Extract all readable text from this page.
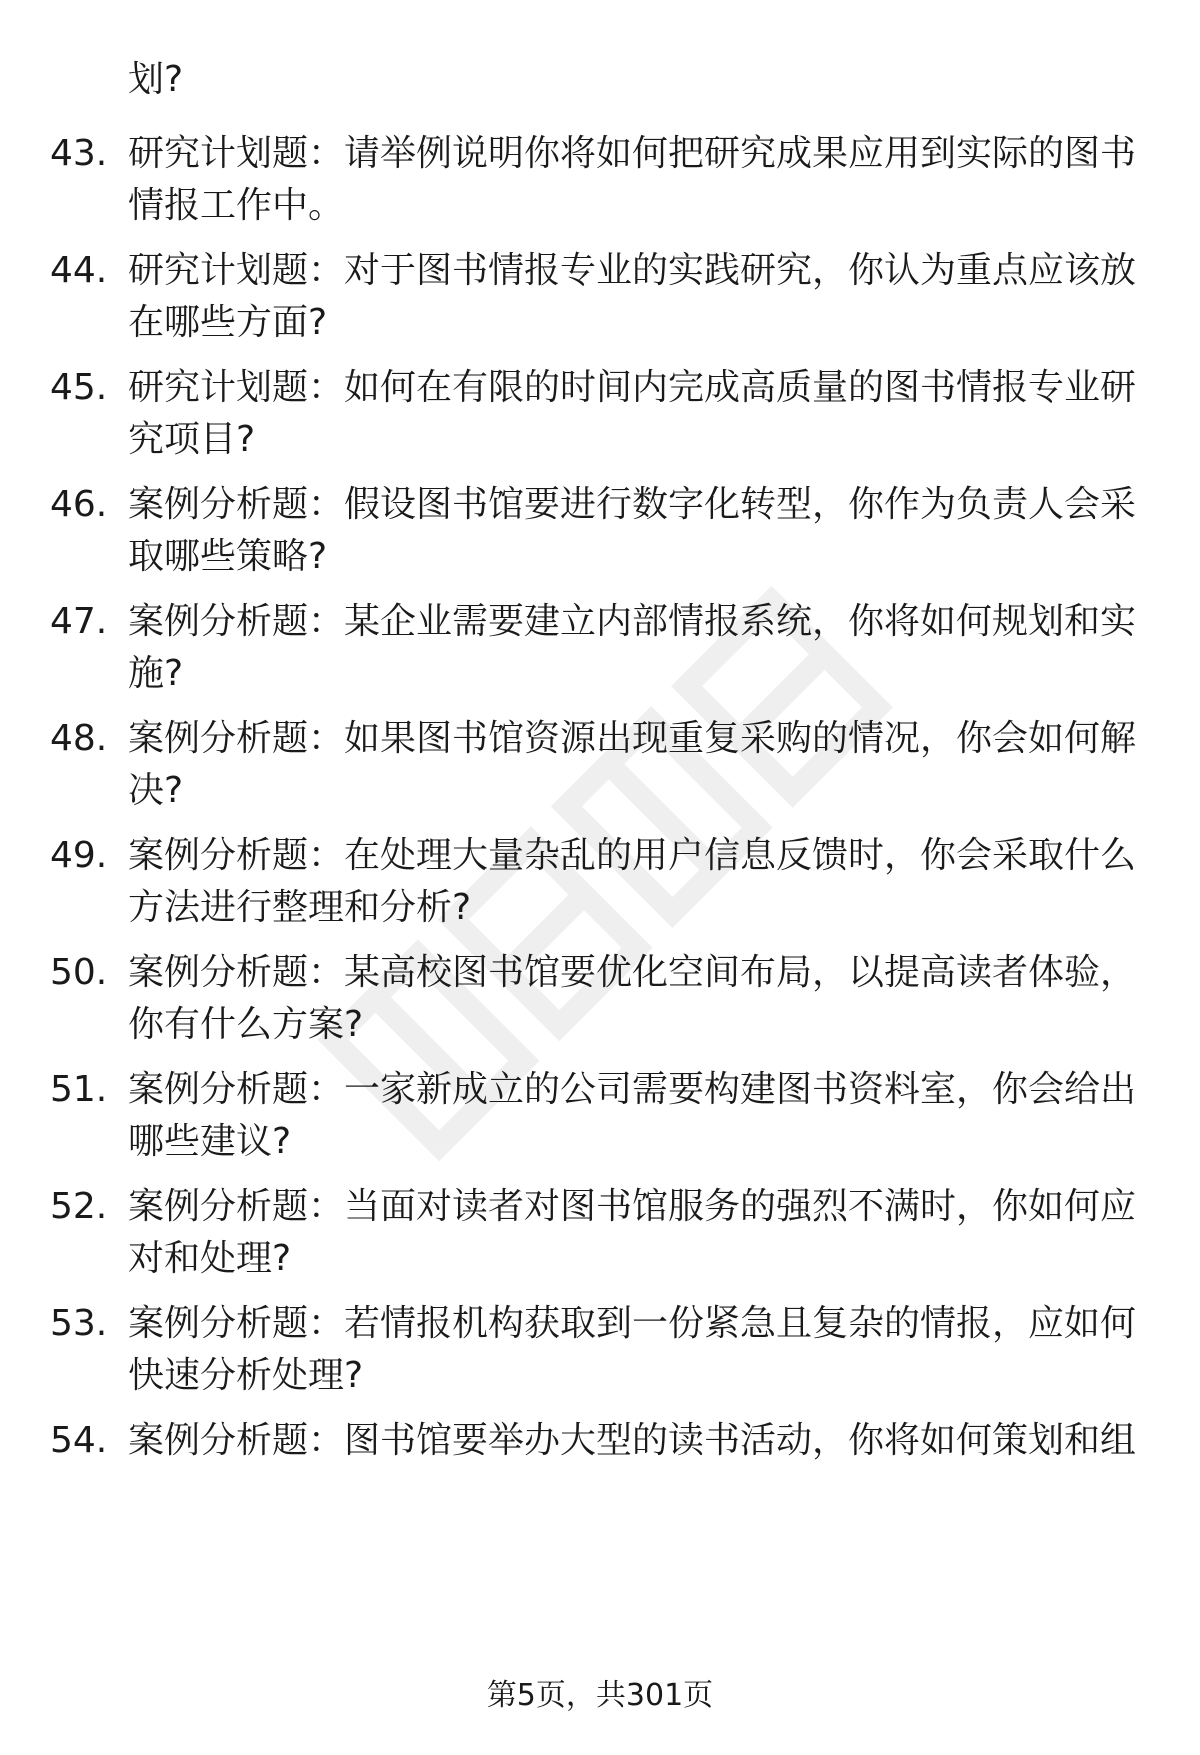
划?
43. 研究计划题：请举例说明你将如何把研究成果应用到实际的图书情报工作中。
44. 研究计划题：对于图书情报专业的实践研究，你认为重点应该放在哪些方面?
45. 研究计划题：如何在有限的时间内完成高质量的图书情报专业研究项目?
46. 案例分析题：假设图书馆要进行数字化转型，你作为负责人会采取哪些策略?
47. 案例分析题：某企业需要建立内部情报系统，你将如何规划和实施?
48. 案例分析题：如果图书馆资源出现重复采购的情况，你会如何解决?
49. 案例分析题：在处理大量杂乱的用户信息反馈时，你会采取什么方法进行整理和分析?
50. 案例分析题：某高校图书馆要优化空间布局，以提高读者体验，你有什么方案?
51. 案例分析题：一家新成立的公司需要构建图书资料室，你会给出哪些建议?
52. 案例分析题：当面对读者对图书馆服务的强烈不满时，你如何应对和处理?
53. 案例分析题：若情报机构获取到一份紧急且复杂的情报，应如何快速分析处理?
54. 案例分析题：图书馆要举办大型的读书活动，你将如何策划和组
第5页，共301页
